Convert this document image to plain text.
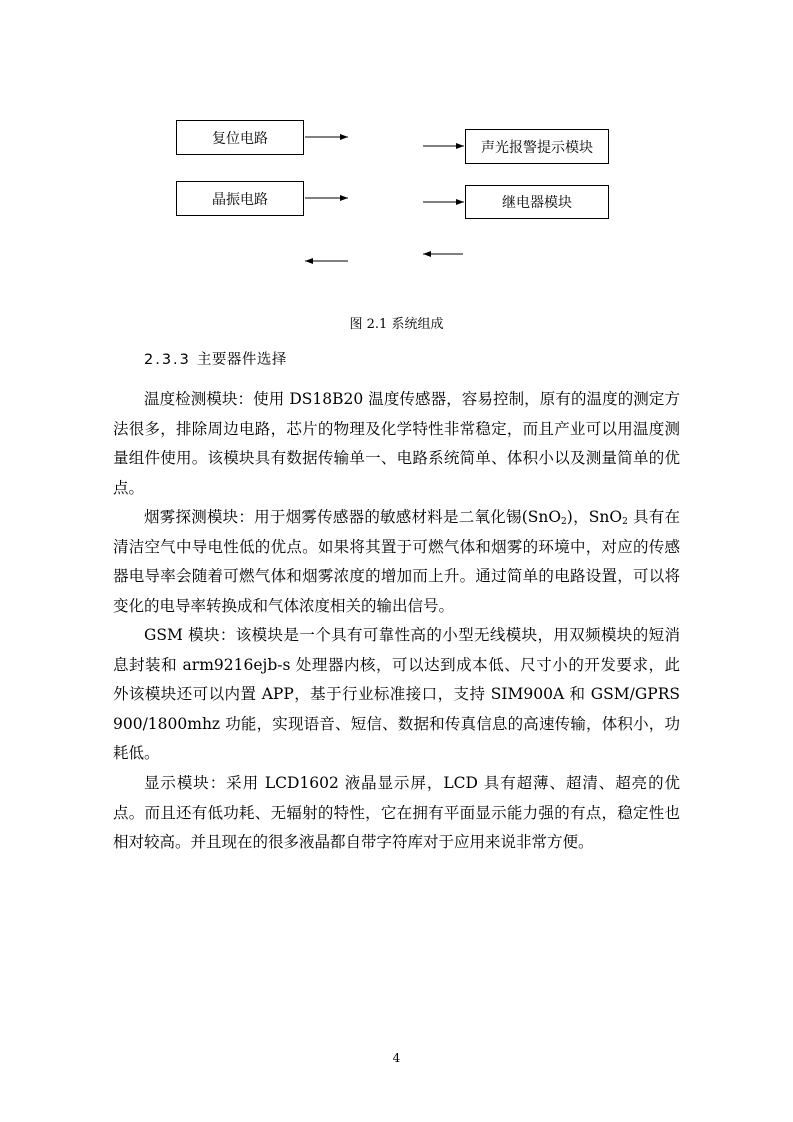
复位电路
晶振电路
声光报警提示模块
继电器模块
图 2.1 系统组成
2.3.3 主要器件选择

温度检测模块：使用 DS18B20 温度传感器，容易控制，原有的温度的测定方法很多，排除周边电路，芯片的物理及化学特性非常稳定，而且产业可以用温度测量组件使用。该模块具有数据传输单一、电路系统简单、体积小以及测量简单的优点。

烟雾探测模块：用于烟雾传感器的敏感材料是二氧化锡(SnO$_2$)，SnO$_2$ 具有在清洁空气中导电性低的优点。如果将其置于可燃气体和烟雾的环境中，对应的传感器电导率会随着可燃气体和烟雾浓度的增加而上升。通过简单的电路设置，可以将变化的电导率转换成和气体浓度相关的输出信号。

GSM 模块：该模块是一个具有可靠性高的小型无线模块，用双频模块的短消息封装和 arm9216ejb-s 处理器内核，可以达到成本低、尺寸小的开发要求，此外该模块还可以内置 APP，基于行业标准接口，支持 SIM900A 和 GSM/GPRS 900/1800mhz 功能，实现语音、短信、数据和传真信息的高速传输，体积小，功耗低。

显示模块：采用 LCD1602 液晶显示屏，LCD 具有超薄、超清、超亮的优点。而且还有低功耗、无辐射的特性，它在拥有平面显示能力强的有点，稳定性也相对较高。并且现在的很多液晶都自带字符库对于应用来说非常方便。

4
